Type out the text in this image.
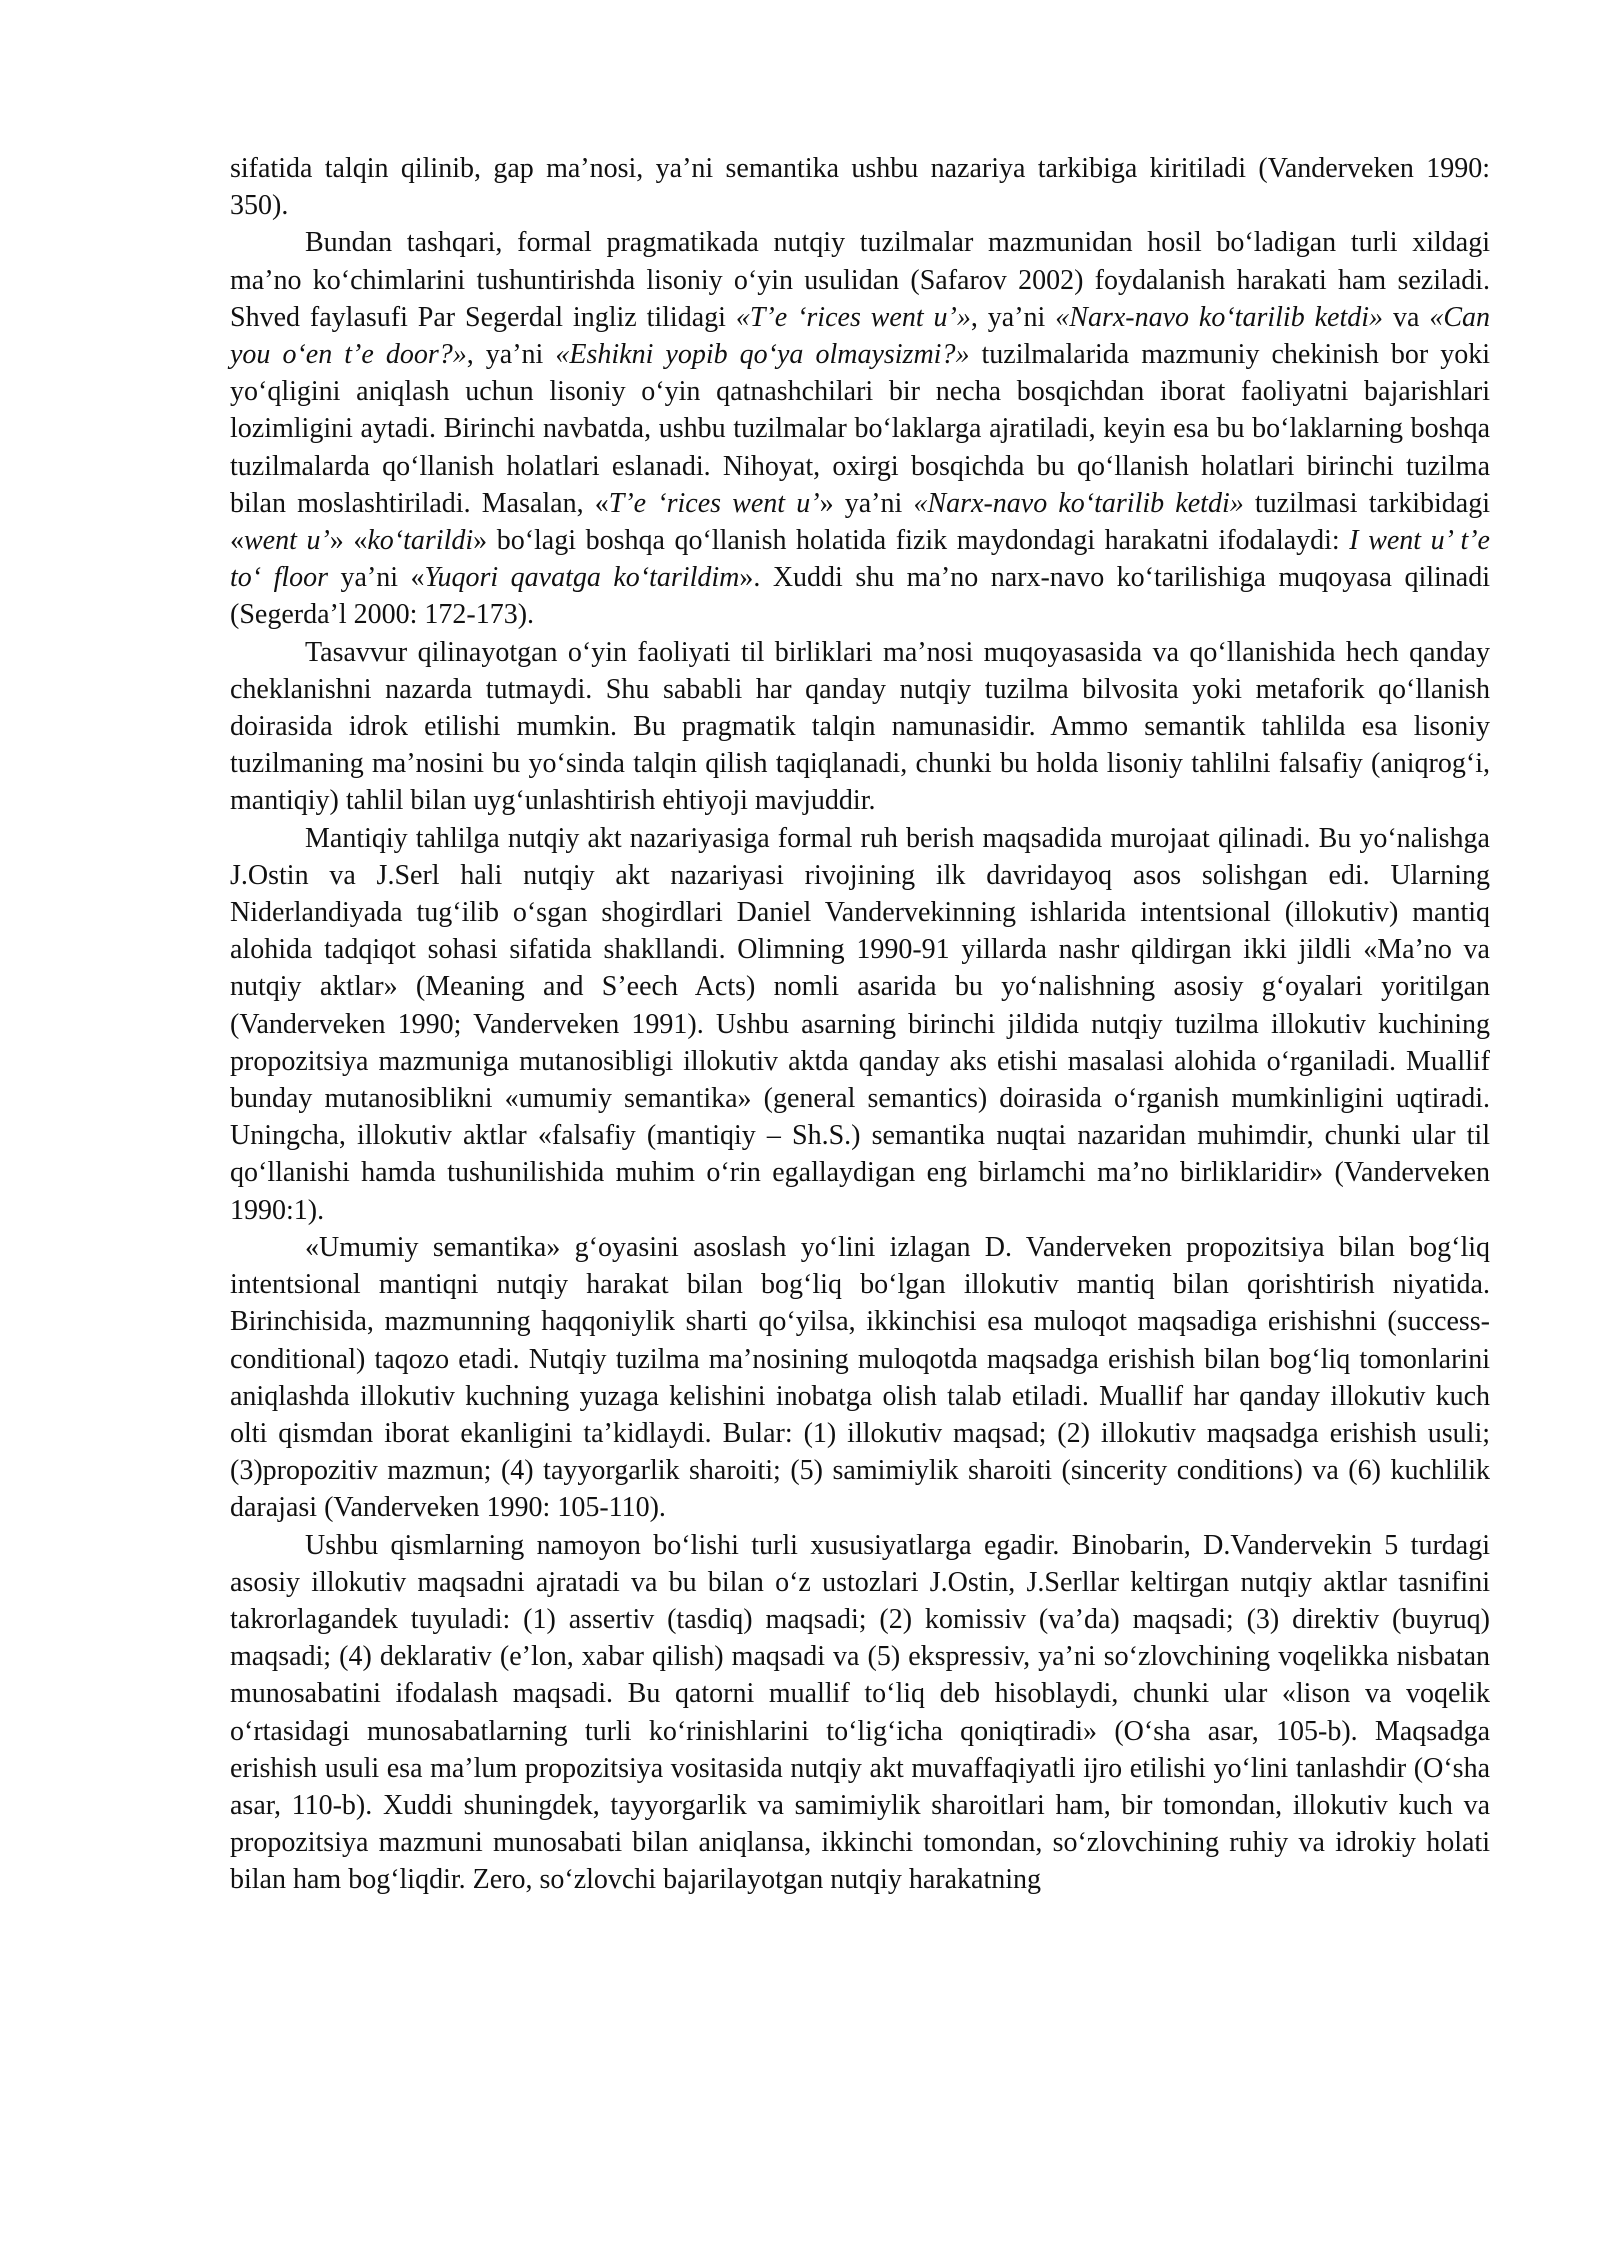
sifatida talqin qilinib, gap ma’nosi, ya’ni semantika ushbu nazariya tarkibiga kiritiladi (Vanderveken 1990: 350).

Bundan tashqari, formal pragmatikada nutqiy tuzilmalar mazmunidan hosil bo‘ladigan turli xildagi ma’no ko‘chimlarini tushuntirishda lisoniy o‘yin usulidan (Safarov 2002) foydalanish harakati ham seziladi. Shved faylasufi Par Segerdal ingliz tilidagi «T’e ‘rices went u’», ya’ni «Narx-navo ko‘tarilib ketdi» va «Can you o‘en t’e door?», ya’ni «Eshikni yopib qo‘ya olmaysizmi?» tuzilmalarida mazmuniy chekinish bor yoki yo‘qligini aniqlash uchun lisoniy o‘yin qatnashchilari bir necha bosqichdan iborat faoliyatni bajarishlari lozimligini aytadi. Birinchi navbatda, ushbu tuzilmalar bo‘laklarga ajratiladi, keyin esa bu bo‘laklarning boshqa tuzilmalarda qo‘llanish holatlari eslanadi. Nihoyat, oxirgi bosqichda bu qo‘llanish holatlari birinchi tuzilma bilan moslashtiriladi. Masalan, «T’e ‘rices went u’» ya’ni «Narx-navo ko‘tarilib ketdi» tuzilmasi tarkibidagi «went u’» «ko‘tarildi» bo‘lagi boshqa qo‘llanish holatida fizik maydondagi harakatni ifodalaydi: I went u’ t’e to‘ floor ya’ni «Yuqori qavatga ko‘tarildim». Xuddi shu ma’no narx-navo ko‘tarilishiga muqoyasa qilinadi (Segerda’l 2000: 172-173).

Tasavvur qilinayotgan o‘yin faoliyati til birliklari ma’nosi muqoyasasida va qo‘llanishida hech qanday cheklanishni nazarda tutmaydi. Shu sababli har qanday nutqiy tuzilma bilvosita yoki metaforik qo‘llanish doirasida idrok etilishi mumkin. Bu pragmatik talqin namunasidir. Ammo semantik tahlilda esa lisoniy tuzilmaning ma’nosini bu yo‘sinda talqin qilish taqiqlanadi, chunki bu holda lisoniy tahlilni falsafiy (aniqrog‘i, mantiqiy) tahlil bilan uyg‘unlashtirish ehtiyoji mavjuddir.

Mantiqiy tahlilga nutqiy akt nazariyasiga formal ruh berish maqsadida murojaat qilinadi. Bu yo‘nalishga J.Ostin va J.Serl hali nutqiy akt nazariyasi rivojining ilk davridayoq asos solishgan edi. Ularning Niderlandiyada tug‘ilib o‘sgan shogirdlari Daniel Vandervekinning ishlarida intentsional (illokutiv) mantiq alohida tadqiqot sohasi sifatida shakllandi. Olimning 1990-91 yillarda nashr qildirgan ikki jildli «Ma’no va nutqiy aktlar» (Meaning and S’eech Acts) nomli asarida bu yo‘nalishning asosiy g‘oyalari yoritilgan (Vanderveken 1990; Vanderveken 1991). Ushbu asarning birinchi jildida nutqiy tuzilma illokutiv kuchining propozitsiya mazmuniga mutanosibligi illokutiv aktda qanday aks etishi masalasi alohida o‘rganiladi. Muallif bunday mutanosiblikni «umumiy semantika» (general semantics) doirasida o‘rganish mumkinligini uqtiradi. Uningcha, illokutiv aktlar «falsafiy (mantiqiy – Sh.S.) semantika nuqtai nazaridan muhimdir, chunki ular til qo‘llanishi hamda tushunilishida muhim o‘rin egallaydigan eng birlamchi ma’no birliklaridir» (Vanderveken 1990:1).

«Umumiy semantika» g‘oyasini asoslash yo‘lini izlagan D. Vanderveken propozitsiya bilan bog‘liq intentsional mantiqni nutqiy harakat bilan bog‘liq bo‘lgan illokutiv mantiq bilan qorishtirish niyatida. Birinchisida, mazmunning haqqoniylik sharti qo‘yilsa, ikkinchisi esa muloqot maqsadiga erishishni (success- conditional) taqozo etadi. Nutqiy tuzilma ma’nosining muloqotda maqsadga erishish bilan bog‘liq tomonlarini aniqlashda illokutiv kuchning yuzaga kelishini inobatga olish talab etiladi. Muallif har qanday illokutiv kuch olti qismdan iborat ekanligini ta’kidlaydi. Bular: (1) illokutiv maqsad; (2) illokutiv maqsadga erishish usuli; (3)propozitiv mazmun; (4) tayyorgarlik sharoiti; (5) samimiylik sharoiti (sincerity conditions) va (6) kuchlilik darajasi (Vanderveken 1990: 105-110).

Ushbu qismlarning namoyon bo‘lishi turli xususiyatlarga egadir. Binobarin, D.Vandervekin 5 turdagi asosiy illokutiv maqsadni ajratadi va bu bilan o‘z ustozlari J.Ostin, J.Serllar keltirgan nutqiy aktlar tasnifini takrorlagandek tuyuladi: (1) assertiv (tasdiq) maqsadi; (2) komissiv (va’da) maqsadi; (3) direktiv (buyruq) maqsadi; (4) deklarativ (e’lon, xabar qilish) maqsadi va (5) ekspressiv, ya’ni so‘zlovchining voqelikka nisbatan munosabatini ifodalash maqsadi. Bu qatorni muallif to‘liq deb hisoblaydi, chunki ular «lison va voqelik o‘rtasidagi munosabatlarning turli ko‘rinishlarini to‘lig‘icha qoniqtiradi» (O‘sha asar, 105-b). Maqsadga erishish usuli esa ma’lum propozitsiya vositasida nutqiy akt muvaffaqiyatli ijro etilishi yo‘lini tanlashdir (O‘sha asar, 110-b). Xuddi shuningdek, tayyorgarlik va samimiylik sharoitlari ham, bir tomondan, illokutiv kuch va propozitsiya mazmuni munosabati bilan aniqlansa, ikkinchi tomondan, so‘zlovchining ruhiy va idrokiy holati bilan ham bog‘liqdir. Zero, so‘zlovchi bajarilayotgan nutqiy harakatning
